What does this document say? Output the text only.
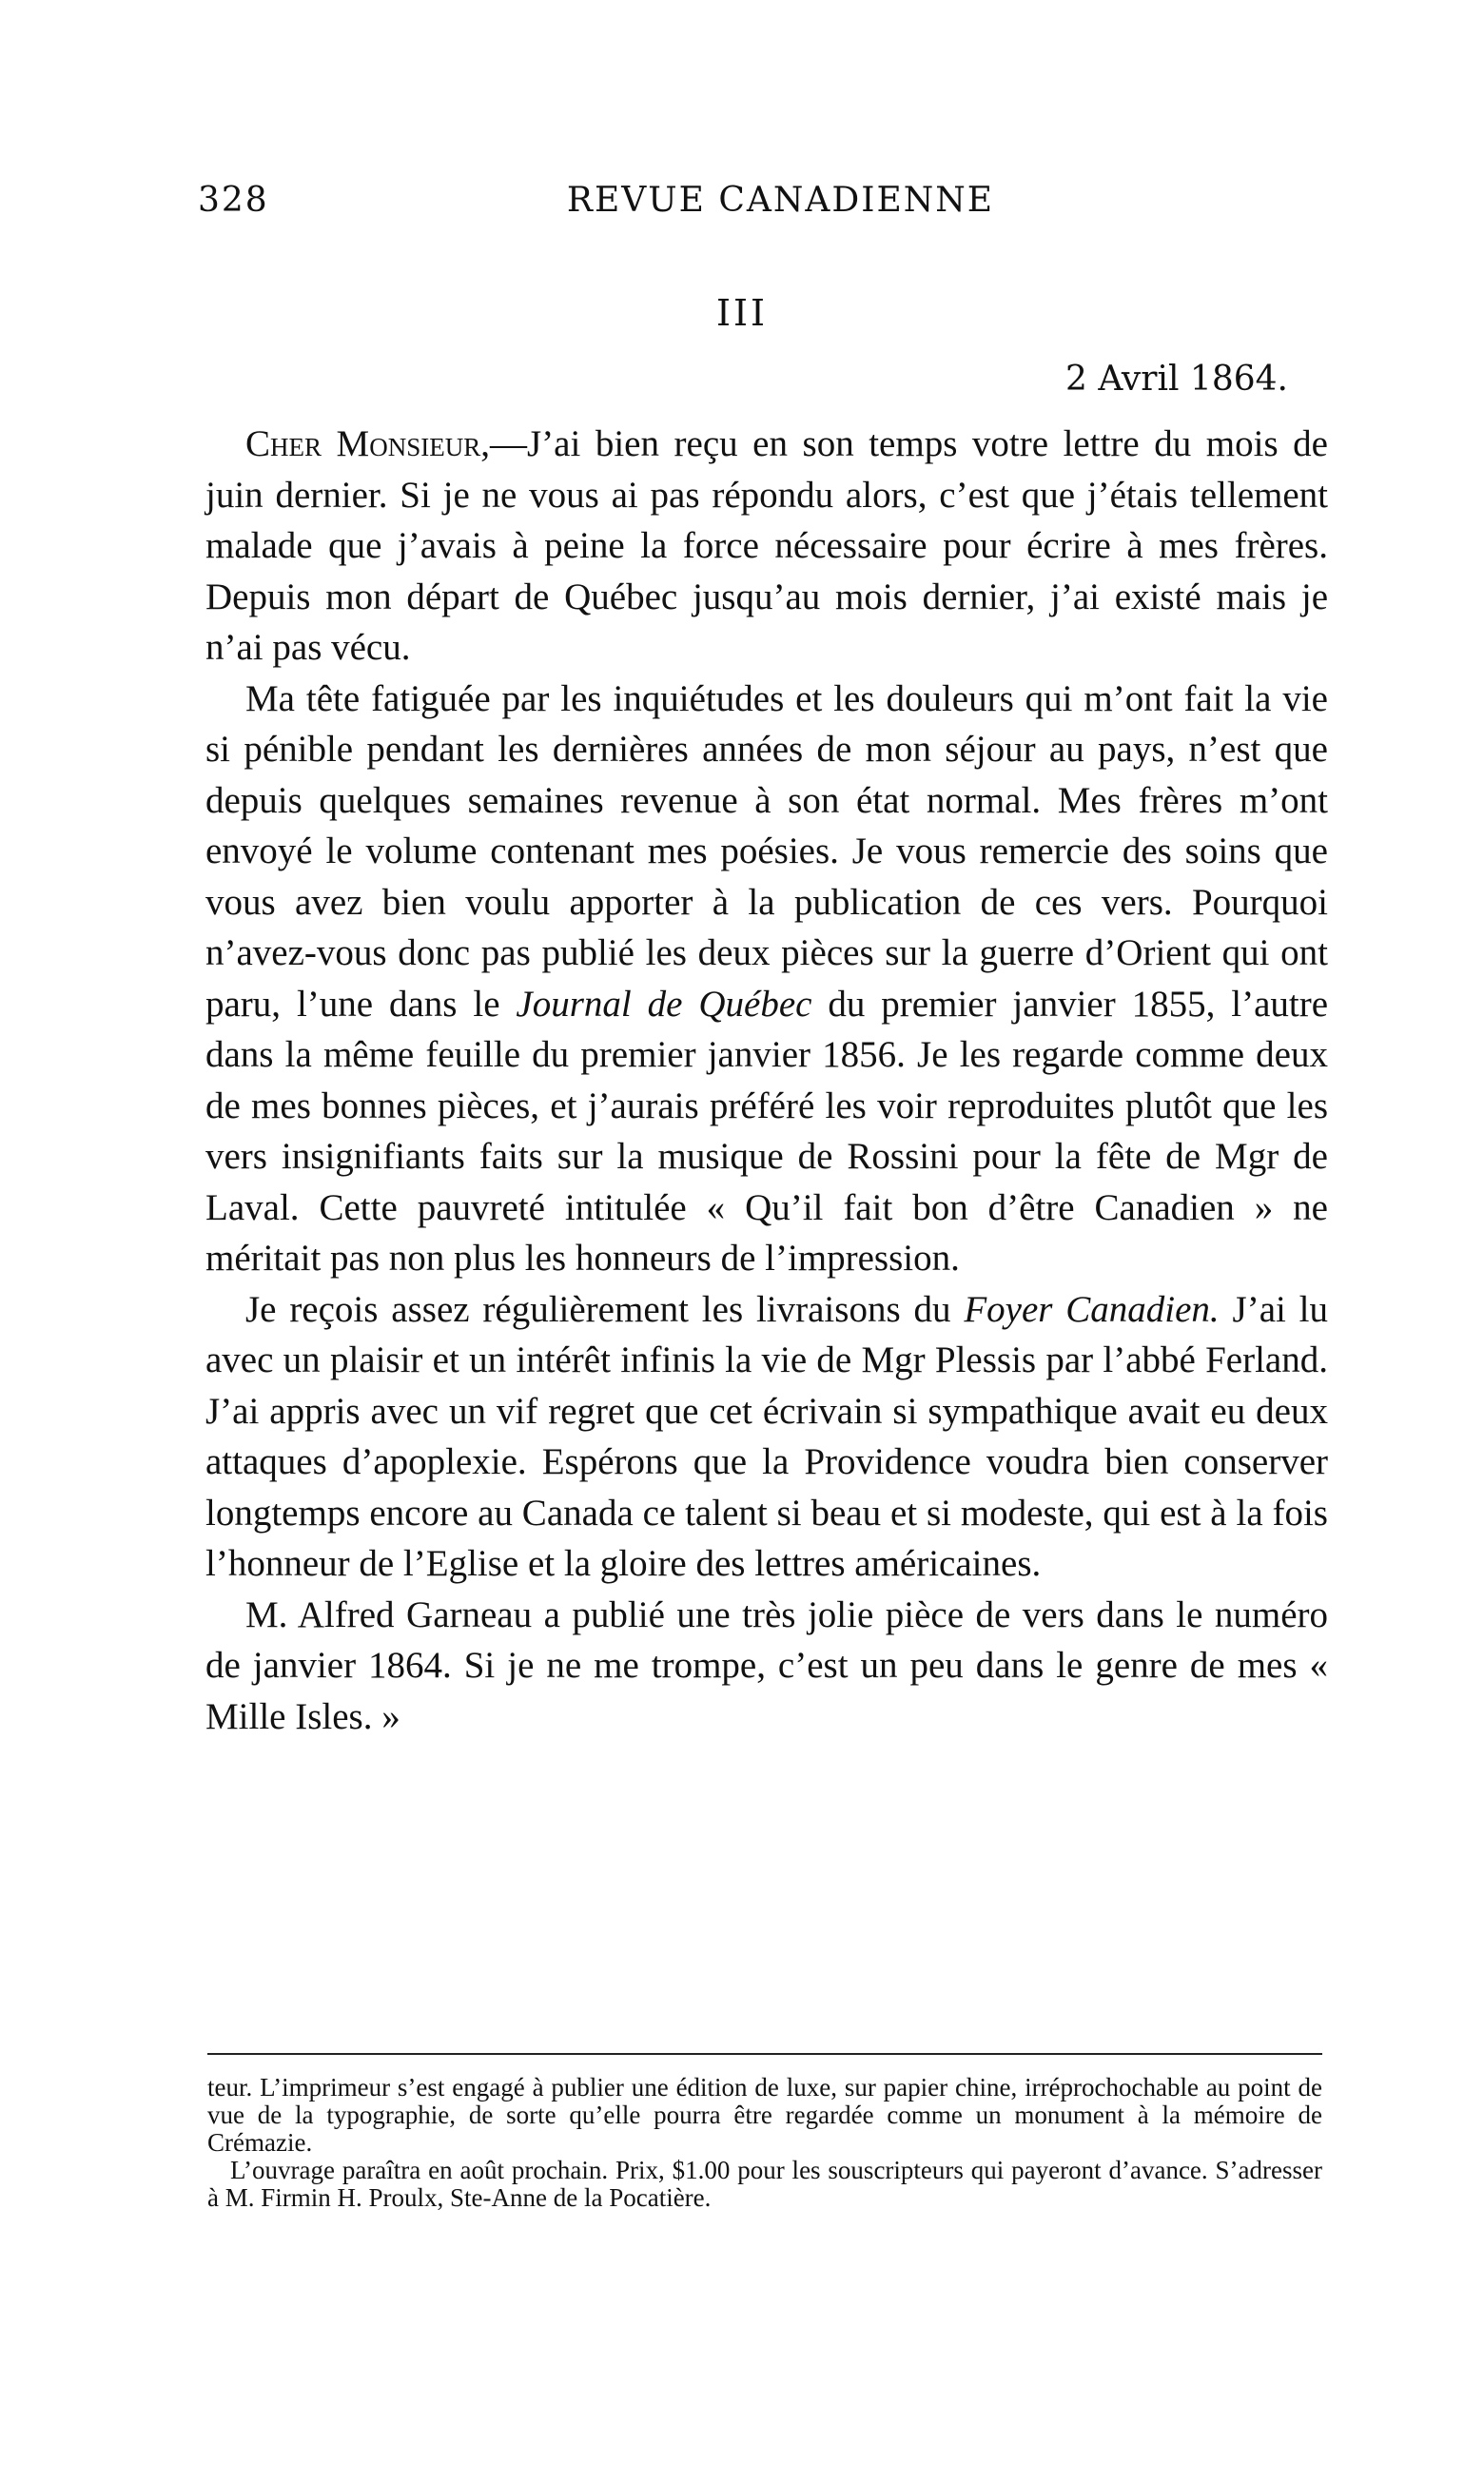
328	REVUE CANADIENNE
III
2 Avril 1864.

Cher Monsieur,—J’ai bien reçu en son temps votre lettre du mois de juin dernier. Si je ne vous ai pas répondu alors, c’est que j’étais tellement malade que j’avais à peine la force nécessaire pour écrire à mes frères. Depuis mon départ de Québec jusqu’au mois dernier, j’ai existé mais je n’ai pas vécu.

Ma tête fatiguée par les inquiétudes et les douleurs qui m’ont fait la vie si pénible pendant les dernières années de mon séjour au pays, n’est que depuis quelques semaines revenue à son état normal. Mes frères m’ont envoyé le volume contenant mes poésies. Je vous remercie des soins que vous avez bien voulu apporter à la publication de ces vers. Pourquoi n’avez-vous donc pas publié les deux pièces sur la guerre d’Orient qui ont paru, l’une dans le Journal de Québec du premier janvier 1855, l’autre dans la même feuille du premier janvier 1856. Je les regarde comme deux de mes bonnes pièces, et j’aurais préféré les voir reproduites plutôt que les vers insignifiants faits sur la musique de Rossini pour la fête de Mgr de Laval. Cette pauvreté intitulée « Qu’il fait bon d’être Canadien » ne méritait pas non plus les honneurs de l’impression.

Je reçois assez régulièrement les livraisons du Foyer Canadien. J’ai lu avec un plaisir et un intérêt infinis la vie de Mgr Plessis par l’abbé Ferland. J’ai appris avec un vif regret que cet écrivain si sympathique avait eu deux attaques d’apoplexie. Espérons que la Providence voudra bien conserver longtemps encore au Canada ce talent si beau et si modeste, qui est à la fois l’honneur de l’Eglise et la gloire des lettres américaines.

M. Alfred Garneau a publié une très jolie pièce de vers dans le numéro de janvier 1864. Si je ne me trompe, c’est un peu dans le genre de mes « Mille Isles. »

teur. L’imprimeur s’est engagé à publier une édition de luxe, sur papier chine, irréprochochable au point de vue de la typographie, de sorte qu’elle pourra être regardée comme un monument à la mémoire de Crémazie.

L’ouvrage paraîtra en août prochain. Prix, $1.00 pour les souscripteurs qui payeront d’avance. S’adresser à M. Firmin H. Proulx, Ste-Anne de la Pocatière.
